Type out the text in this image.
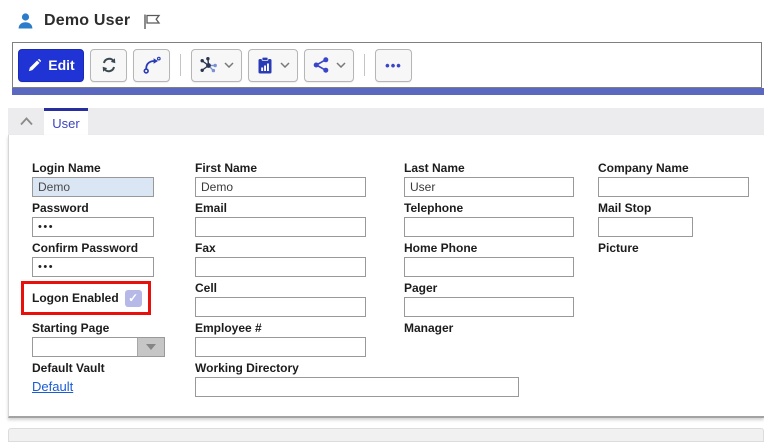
Demo User
Edit	•••
User
Login Name
Demo
Password
•••
Confirm Password
•••
Logon Enabled ✓
Starting Page
Default Vault
Default
First Name
Demo
Email
Fax
Cell
Employee #
Working Directory
Last Name
User
Telephone
Home Phone
Pager
Manager
Company Name
Mail Stop
Picture
